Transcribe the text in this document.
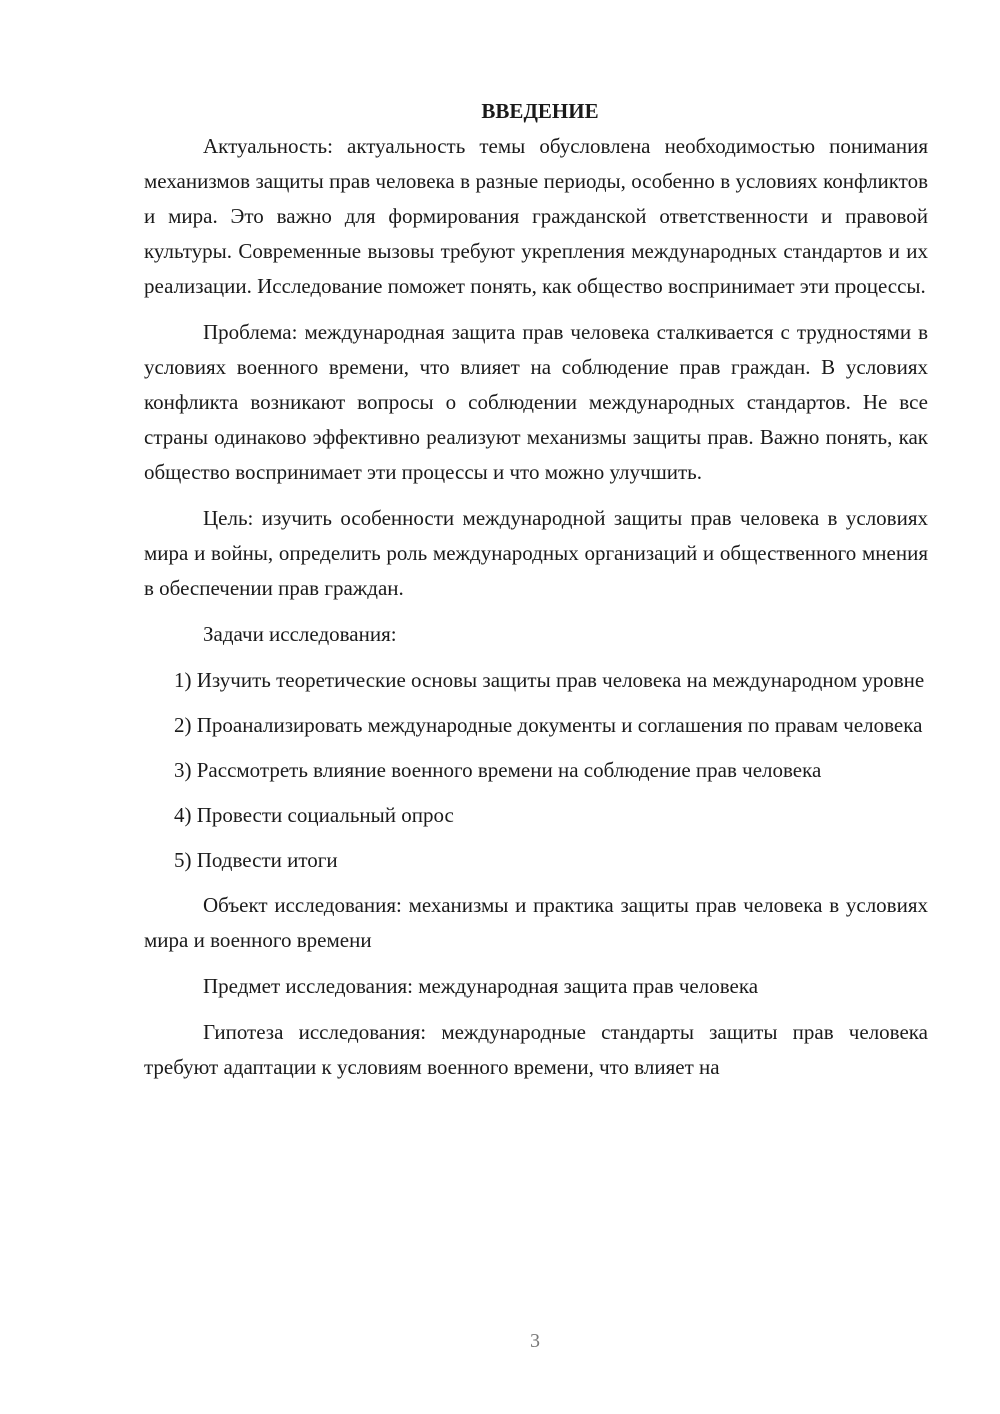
ВВЕДЕНИЕ

Актуальность: актуальность темы обусловлена необходимостью понимания механизмов защиты прав человека в разные периоды, особенно в условиях конфликтов и мира. Это важно для формирования гражданской ответственности и правовой культуры. Современные вызовы требуют укрепления международных стандартов и их реализации. Исследование поможет понять, как общество воспринимает эти процессы.

Проблема: международная защита прав человека сталкивается с трудностями в условиях военного времени, что влияет на соблюдение прав граждан. В условиях конфликта возникают вопросы о соблюдении международных стандартов. Не все страны одинаково эффективно реализуют механизмы защиты прав. Важно понять, как общество воспринимает эти процессы и что можно улучшить.

Цель: изучить особенности международной защиты прав человека в условиях мира и войны, определить роль международных организаций и общественного мнения в обеспечении прав граждан.

Задачи исследования:

1) Изучить теоретические основы защиты прав человека на международном уровне

2) Проанализировать международные документы и соглашения по правам человека

3) Рассмотреть влияние военного времени на соблюдение прав человека

4) Провести социальный опрос

5) Подвести итоги

Объект исследования: механизмы и практика защиты прав человека в условиях мира и военного времени

Предмет исследования: международная защита прав человека

Гипотеза исследования: международные стандарты защиты прав человека требуют адаптации к условиям военного времени, что влияет на

3
